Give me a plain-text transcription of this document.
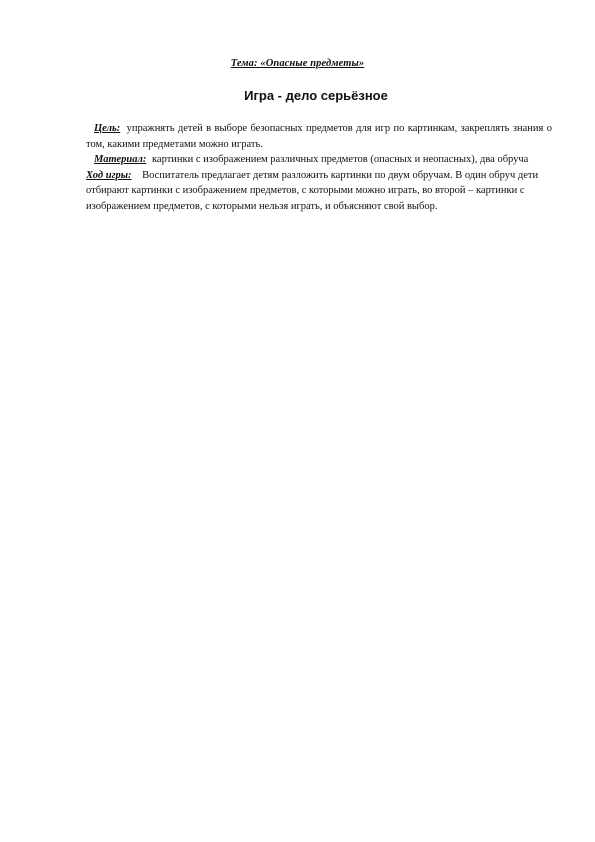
Тема: «Опасные предметы»
Игра - дело серьёзное

Цель: упражнять детей в выборе безопасных предметов для игр по картинкам, закреплять знания о том, какими предметами можно играть.

Материал: картинки с изображением различных предметов (опасных и неопасных), два обруча

Ход игры: Воспитатель предлагает детям разложить картинки по двум обручам. В один обруч дети отбирают картинки с изображением предметов, с которыми можно играть, во второй – картинки с изображением предметов, с которыми нельзя играть, и объясняют свой выбор.
